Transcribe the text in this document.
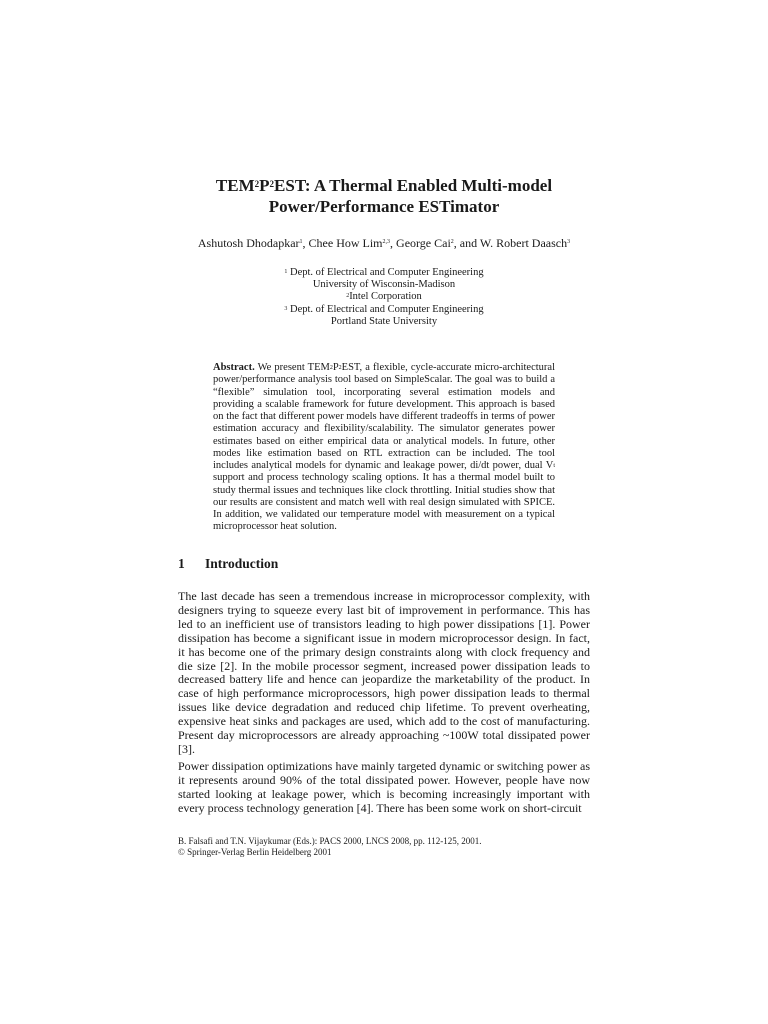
$TEM^2P^2EST$: A Thermal Enabled Multi-model
Power/Performance ESTimator
Ashutosh Dhodapkar$^1$, Chee How Lim$^{2,3}$, George Cai$^2$, and W. Robert Daasch$^3$
$^1$ Dept. of Electrical and Computer Engineering
University of Wisconsin-Madison
$^2$Intel Corporation
$^3$ Dept. of Electrical and Computer Engineering
Portland State University
Abstract. We present $TEM^2P^2EST$, a flexible, cycle-accurate micro-architectural power/performance analysis tool based on SimpleScalar. The goal was to build a “flexible” simulation tool, incorporating several estimation models and providing a scalable framework for future development. This approach is based on the fact that different power models have different tradeoffs in terms of power estimation accuracy and flexibility/scalability. The simulator generates power estimates based on either empirical data or analytical models. In future, other modes like estimation based on RTL extraction can be included. The tool includes analytical models for dynamic and leakage power, di/dt power, dual Vt support and process technology scaling options. It has a thermal model built to study thermal issues and techniques like clock throttling. Initial studies show that our results are consistent and match well with real design simulated with SPICE. In addition, we validated our temperature model with measurement on a typical microprocessor heat solution.
1 Introduction
The last decade has seen a tremendous increase in microprocessor complexity, with designers trying to squeeze every last bit of improvement in performance. This has led to an inefficient use of transistors leading to high power dissipations [1]. Power dissipation has become a significant issue in modern microprocessor design. In fact, it has become one of the primary design constraints along with clock frequency and die size [2]. In the mobile processor segment, increased power dissipation leads to decreased battery life and hence can jeopardize the marketability of the product. In case of high performance microprocessors, high power dissipation leads to thermal issues like device degradation and reduced chip lifetime. To prevent overheating, expensive heat sinks and packages are used, which add to the cost of manufacturing. Present day microprocessors are already approaching ~100W total dissipated power [3].
Power dissipation optimizations have mainly targeted dynamic or switching power as it represents around 90% of the total dissipated power. However, people have now started looking at leakage power, which is becoming increasingly important with every process technology generation [4]. There has been some work on short-circuit
B. Falsafi and T.N. Vijaykumar (Eds.): PACS 2000, LNCS 2008, pp. 112-125, 2001.
© Springer-Verlag Berlin Heidelberg 2001
